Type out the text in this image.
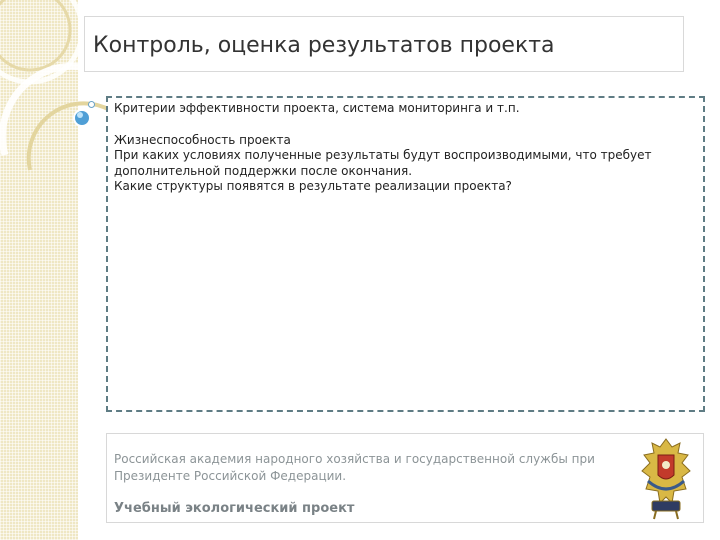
Контроль, оценка результатов проекта

Критерии эффективности проекта, система мониторинга и т.п.

Жизнеспособность проекта

При каких условиях полученные результаты будут воспроизводимыми, что требует дополнительной поддержки после окончания.

Какие структуры появятся в результате реализации проекта?

Российская академия народного хозяйства и государственной службы при Президенте Российской Федерации.
Учебный экологический проект
